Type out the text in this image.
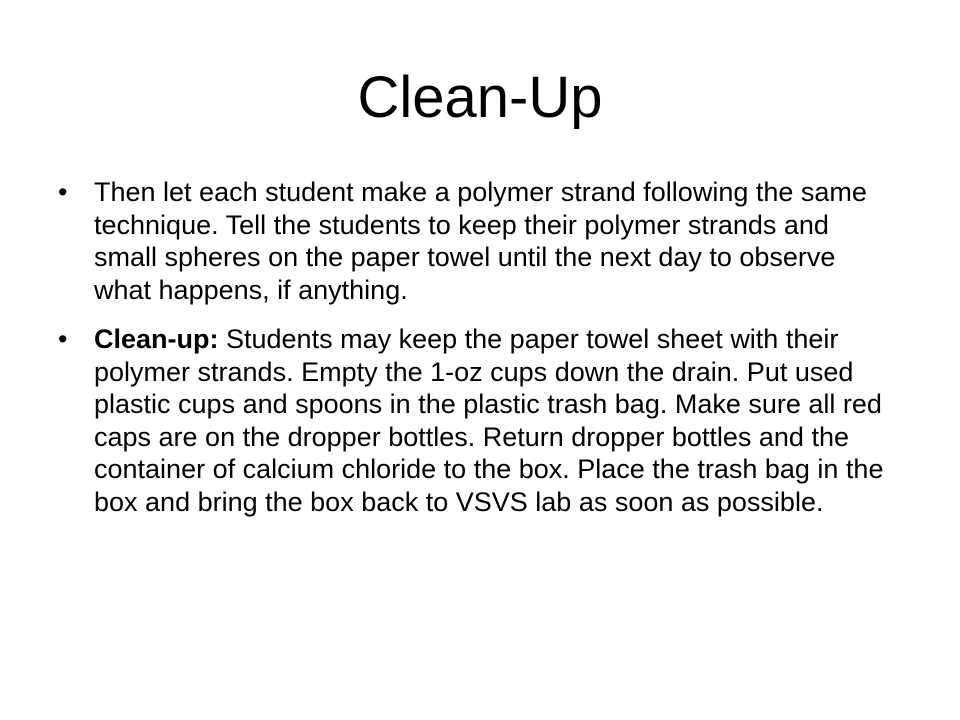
Clean-Up
• Then let each student make a polymer strand following the same technique. Tell the students to keep their polymer strands and small spheres on the paper towel until the next day to observe what happens, if anything.
• Clean-up: Students may keep the paper towel sheet with their polymer strands. Empty the 1-oz cups down the drain. Put used plastic cups and spoons in the plastic trash bag. Make sure all red caps are on the dropper bottles. Return dropper bottles and the container of calcium chloride to the box. Place the trash bag in the box and bring the box back to VSVS lab as soon as possible.
